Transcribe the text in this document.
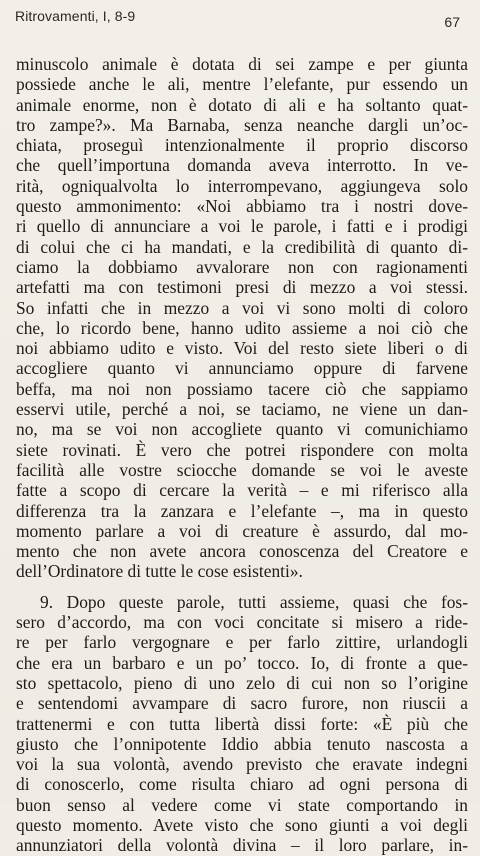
Ritrovamenti, I, 8-9	67
minuscolo animale è dotata di sei zampe e per giunta
possiede anche le ali, mentre l’elefante, pur essendo un
animale enorme, non è dotato di ali e ha soltanto quat-
tro zampe?». Ma Barnaba, senza neanche dargli un’oc-
chiata, proseguì intenzionalmente il proprio discorso
che quell’importuna domanda aveva interrotto. In ve-
rità, ogniqualvolta lo interrompevano, aggiungeva solo
questo ammonimento: «Noi abbiamo tra i nostri dove-
ri quello di annunciare a voi le parole, i fatti e i prodigi
di colui che ci ha mandati, e la credibilità di quanto di-
ciamo la dobbiamo avvalorare non con ragionamenti
artefatti ma con testimoni presi di mezzo a voi stessi.
So infatti che in mezzo a voi vi sono molti di coloro
che, lo ricordo bene, hanno udito assieme a noi ciò che
noi abbiamo udito e visto. Voi del resto siete liberi o di
accogliere quanto vi annunciamo oppure di farvene
beffa, ma noi non possiamo tacere ciò che sappiamo
esservi utile, perché a noi, se taciamo, ne viene un dan-
no, ma se voi non accogliete quanto vi comunichiamo
siete rovinati. È vero che potrei rispondere con molta
facilità alle vostre sciocche domande se voi le aveste
fatte a scopo di cercare la verità – e mi riferisco alla
differenza tra la zanzara e l’elefante –, ma in questo
momento parlare a voi di creature è assurdo, dal mo-
mento che non avete ancora conoscenza del Creatore e
dell’Ordinatore di tutte le cose esistenti».
9. Dopo queste parole, tutti assieme, quasi che fos-
sero d’accordo, ma con voci concitate si misero a ride-
re per farlo vergognare e per farlo zittire, urlandogli
che era un barbaro e un po’ tocco. Io, di fronte a que-
sto spettacolo, pieno di uno zelo di cui non so l’origine
e sentendomi avvampare di sacro furore, non riuscii a
trattenermi e con tutta libertà dissi forte: «È più che
giusto che l’onnipotente Iddio abbia tenuto nascosta a
voi la sua volontà, avendo previsto che eravate indegni
di conoscerlo, come risulta chiaro ad ogni persona di
buon senso al vedere come vi state comportando in
questo momento. Avete visto che sono giunti a voi degli
annunziatori della volontà divina – il loro parlare, in-
